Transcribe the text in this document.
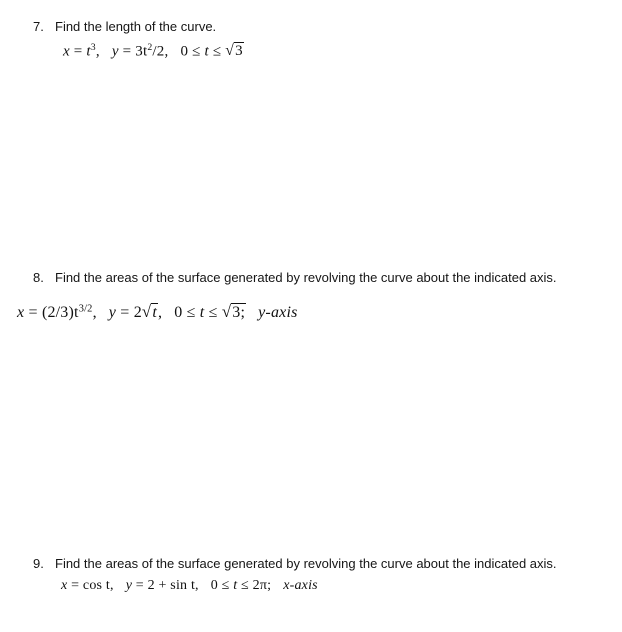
7. Find the length of the curve.
$x = t^3$, $y = 3t^2/2$, 0 ≤ t ≤ √3
8. Find the areas of the surface generated by revolving the curve about the indicated axis.
$x = (2/3)t^{3/2}$, y = 2√t, 0 ≤ t ≤ √3; y-axis
9. Find the areas of the surface generated by revolving the curve about the indicated axis.
x = cos t, y = 2 + sin t, 0 ≤ t ≤ 2π; x-axis
